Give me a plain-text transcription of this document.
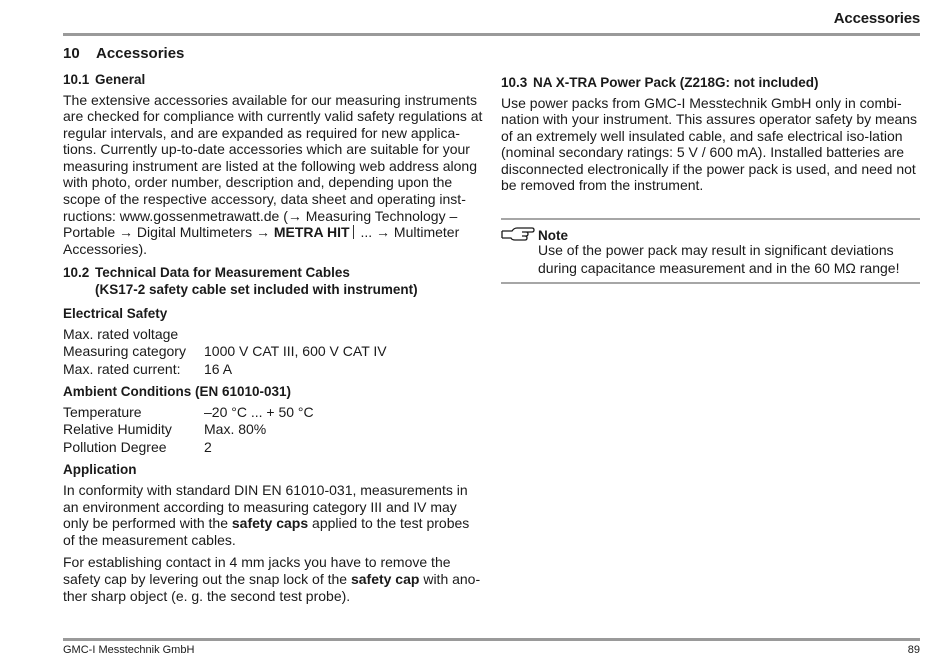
Accessories
10 Accessories
10.1 General

The extensive accessories available for our measuring instruments are checked for compliance with currently valid safety regulations at regular intervals, and are expanded as required for new applica-tions. Currently up-to-date accessories which are suitable for your measuring instrument are listed at the following web address along with photo, order number, description and, depending upon the scope of the respective accessory, data sheet and operating inst-ructions: www.gossenmetrawatt.de (→ Measuring Technology – Portable → Digital Multimeters → METRA HIT ... → Multimeter Accessories).

10.2 Technical Data for Measurement Cables
(KS17-2 safety cable set included with instrument)
Electrical Safety
Max. rated voltage	
Measuring category	1000 V CAT III, 600 V CAT IV
Max. rated current:	16 A
Ambient Conditions (EN 61010-031)
Temperature	–20 °C ... + 50 °C
Relative Humidity	Max. 80%
Pollution Degree	2
Application

In conformity with standard DIN EN 61010-031, measurements in an environment according to measuring category III and IV may only be performed with the safety caps applied to the test probes of the measurement cables.

For establishing contact in 4 mm jacks you have to remove the safety cap by levering out the snap lock of the safety cap with ano-ther sharp object (e. g. the second test probe).

10.3 NA X-TRA Power Pack (Z218G: not included)

Use power packs from GMC-I Messtechnik GmbH only in combi-nation with your instrument. This assures operator safety by means of an extremely well insulated cable, and safe electrical iso-lation (nominal secondary ratings: 5 V / 600 mA). Installed batteries are disconnected electronically if the power pack is used, and need not be removed from the instrument.

Note
Use of the power pack may result in significant deviations during capacitance measurement and in the 60 MΩ range!
GMC-I Messtechnik GmbH	89
